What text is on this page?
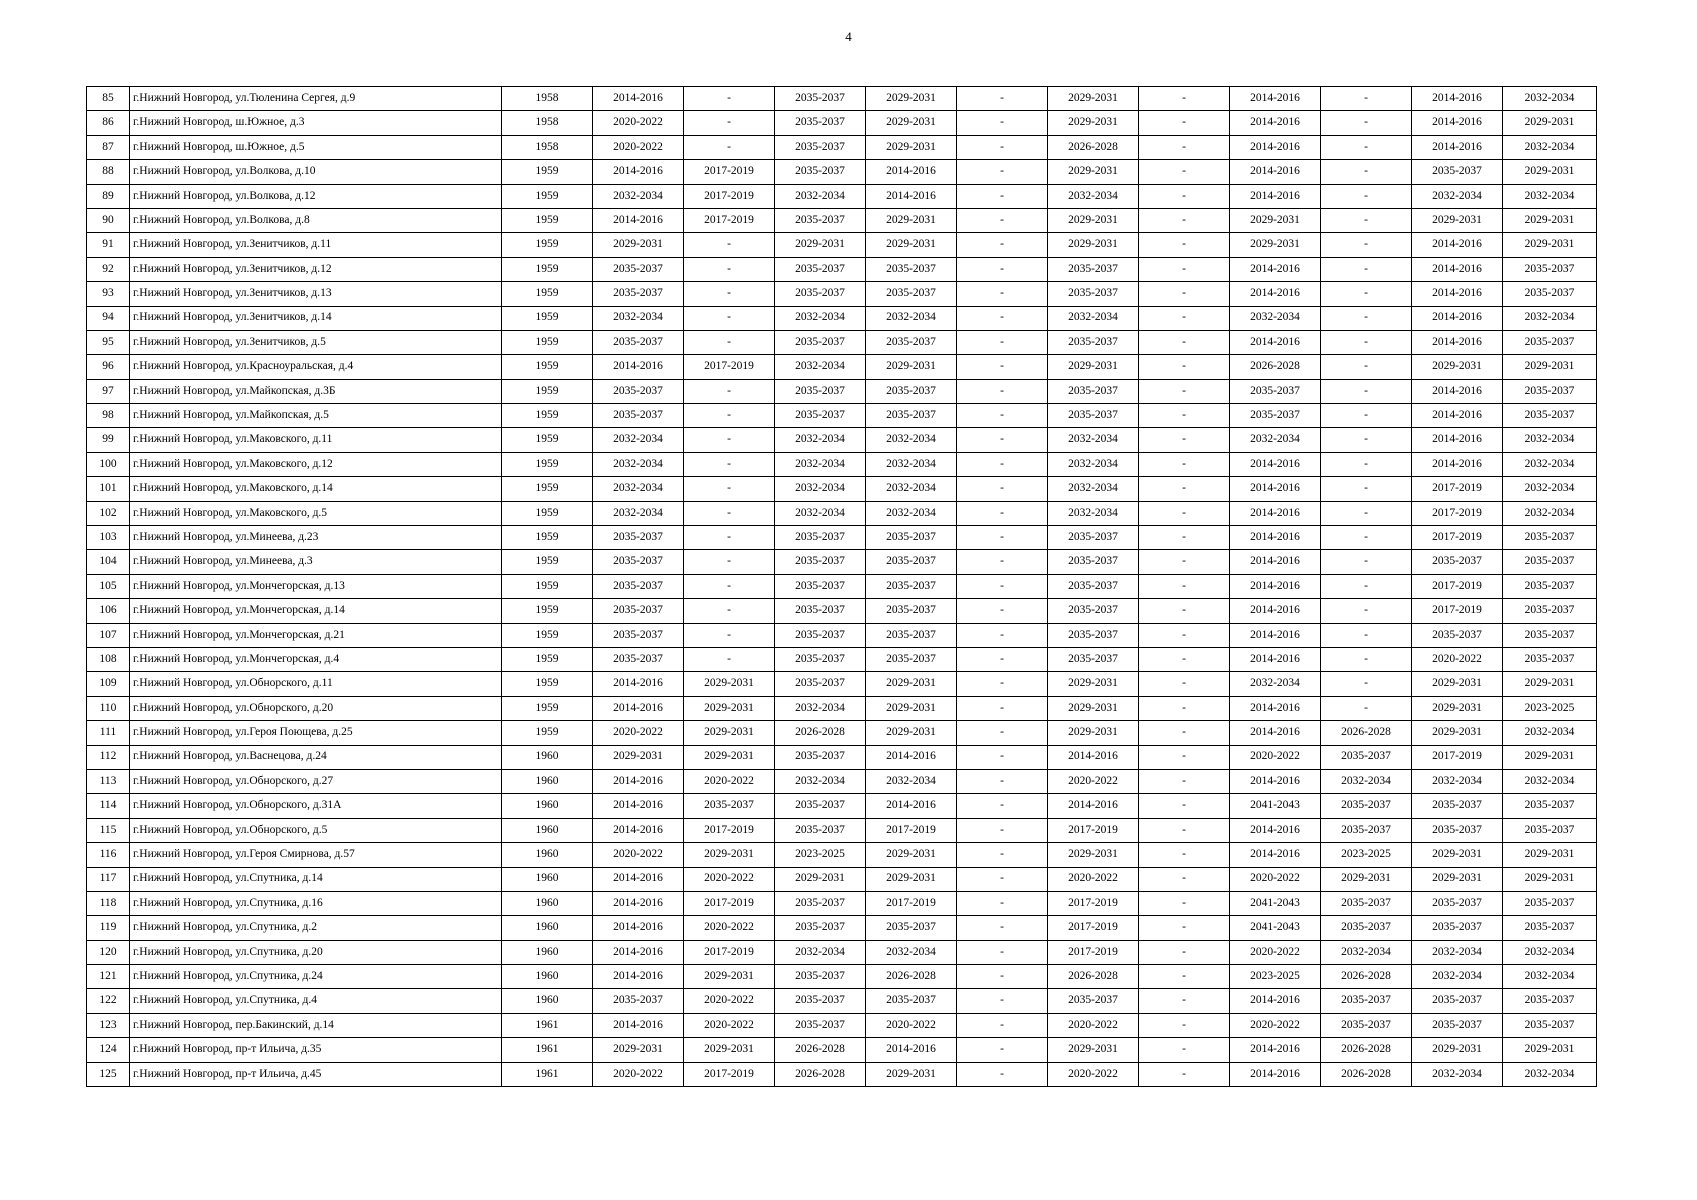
4
85	г.Нижний Новгород, ул.Тюленина Сергея, д.9	1958	2014-2016	-	2035-2037	2029-2031	-	2029-2031	-	2014-2016	-	2014-2016	2032-2034
86	г.Нижний Новгород, ш.Южное, д.3	1958	2020-2022	-	2035-2037	2029-2031	-	2029-2031	-	2014-2016	-	2014-2016	2029-2031
87	г.Нижний Новгород, ш.Южное, д.5	1958	2020-2022	-	2035-2037	2029-2031	-	2026-2028	-	2014-2016	-	2014-2016	2032-2034
88	г.Нижний Новгород, ул.Волкова, д.10	1959	2014-2016	2017-2019	2035-2037	2014-2016	-	2029-2031	-	2014-2016	-	2035-2037	2029-2031
89	г.Нижний Новгород, ул.Волкова, д.12	1959	2032-2034	2017-2019	2032-2034	2014-2016	-	2032-2034	-	2014-2016	-	2032-2034	2032-2034
90	г.Нижний Новгород, ул.Волкова, д.8	1959	2014-2016	2017-2019	2035-2037	2029-2031	-	2029-2031	-	2029-2031	-	2029-2031	2029-2031
91	г.Нижний Новгород, ул.Зенитчиков, д.11	1959	2029-2031	-	2029-2031	2029-2031	-	2029-2031	-	2029-2031	-	2014-2016	2029-2031
92	г.Нижний Новгород, ул.Зенитчиков, д.12	1959	2035-2037	-	2035-2037	2035-2037	-	2035-2037	-	2014-2016	-	2014-2016	2035-2037
93	г.Нижний Новгород, ул.Зенитчиков, д.13	1959	2035-2037	-	2035-2037	2035-2037	-	2035-2037	-	2014-2016	-	2014-2016	2035-2037
94	г.Нижний Новгород, ул.Зенитчиков, д.14	1959	2032-2034	-	2032-2034	2032-2034	-	2032-2034	-	2032-2034	-	2014-2016	2032-2034
95	г.Нижний Новгород, ул.Зенитчиков, д.5	1959	2035-2037	-	2035-2037	2035-2037	-	2035-2037	-	2014-2016	-	2014-2016	2035-2037
96	г.Нижний Новгород, ул.Красноуральская, д.4	1959	2014-2016	2017-2019	2032-2034	2029-2031	-	2029-2031	-	2026-2028	-	2029-2031	2029-2031
97	г.Нижний Новгород, ул.Майкопская, д.3Б	1959	2035-2037	-	2035-2037	2035-2037	-	2035-2037	-	2035-2037	-	2014-2016	2035-2037
98	г.Нижний Новгород, ул.Майкопская, д.5	1959	2035-2037	-	2035-2037	2035-2037	-	2035-2037	-	2035-2037	-	2014-2016	2035-2037
99	г.Нижний Новгород, ул.Маковского, д.11	1959	2032-2034	-	2032-2034	2032-2034	-	2032-2034	-	2032-2034	-	2014-2016	2032-2034
100	г.Нижний Новгород, ул.Маковского, д.12	1959	2032-2034	-	2032-2034	2032-2034	-	2032-2034	-	2014-2016	-	2014-2016	2032-2034
101	г.Нижний Новгород, ул.Маковского, д.14	1959	2032-2034	-	2032-2034	2032-2034	-	2032-2034	-	2014-2016	-	2017-2019	2032-2034
102	г.Нижний Новгород, ул.Маковского, д.5	1959	2032-2034	-	2032-2034	2032-2034	-	2032-2034	-	2014-2016	-	2017-2019	2032-2034
103	г.Нижний Новгород, ул.Минеева, д.23	1959	2035-2037	-	2035-2037	2035-2037	-	2035-2037	-	2014-2016	-	2017-2019	2035-2037
104	г.Нижний Новгород, ул.Минеева, д.3	1959	2035-2037	-	2035-2037	2035-2037	-	2035-2037	-	2014-2016	-	2035-2037	2035-2037
105	г.Нижний Новгород, ул.Мончегорская, д.13	1959	2035-2037	-	2035-2037	2035-2037	-	2035-2037	-	2014-2016	-	2017-2019	2035-2037
106	г.Нижний Новгород, ул.Мончегорская, д.14	1959	2035-2037	-	2035-2037	2035-2037	-	2035-2037	-	2014-2016	-	2017-2019	2035-2037
107	г.Нижний Новгород, ул.Мончегорская, д.21	1959	2035-2037	-	2035-2037	2035-2037	-	2035-2037	-	2014-2016	-	2035-2037	2035-2037
108	г.Нижний Новгород, ул.Мончегорская, д.4	1959	2035-2037	-	2035-2037	2035-2037	-	2035-2037	-	2014-2016	-	2020-2022	2035-2037
109	г.Нижний Новгород, ул.Обнорского, д.11	1959	2014-2016	2029-2031	2035-2037	2029-2031	-	2029-2031	-	2032-2034	-	2029-2031	2029-2031
110	г.Нижний Новгород, ул.Обнорского, д.20	1959	2014-2016	2029-2031	2032-2034	2029-2031	-	2029-2031	-	2014-2016	-	2029-2031	2023-2025
111	г.Нижний Новгород, ул.Героя Поющева, д.25	1959	2020-2022	2029-2031	2026-2028	2029-2031	-	2029-2031	-	2014-2016	2026-2028	2029-2031	2032-2034
112	г.Нижний Новгород, ул.Васнецова, д.24	1960	2029-2031	2029-2031	2035-2037	2014-2016	-	2014-2016	-	2020-2022	2035-2037	2017-2019	2029-2031
113	г.Нижний Новгород, ул.Обнорского, д.27	1960	2014-2016	2020-2022	2032-2034	2032-2034	-	2020-2022	-	2014-2016	2032-2034	2032-2034	2032-2034
114	г.Нижний Новгород, ул.Обнорского, д.31А	1960	2014-2016	2035-2037	2035-2037	2014-2016	-	2014-2016	-	2041-2043	2035-2037	2035-2037	2035-2037
115	г.Нижний Новгород, ул.Обнорского, д.5	1960	2014-2016	2017-2019	2035-2037	2017-2019	-	2017-2019	-	2014-2016	2035-2037	2035-2037	2035-2037
116	г.Нижний Новгород, ул.Героя Смирнова, д.57	1960	2020-2022	2029-2031	2023-2025	2029-2031	-	2029-2031	-	2014-2016	2023-2025	2029-2031	2029-2031
117	г.Нижний Новгород, ул.Спутника, д.14	1960	2014-2016	2020-2022	2029-2031	2029-2031	-	2020-2022	-	2020-2022	2029-2031	2029-2031	2029-2031
118	г.Нижний Новгород, ул.Спутника, д.16	1960	2014-2016	2017-2019	2035-2037	2017-2019	-	2017-2019	-	2041-2043	2035-2037	2035-2037	2035-2037
119	г.Нижний Новгород, ул.Спутника, д.2	1960	2014-2016	2020-2022	2035-2037	2035-2037	-	2017-2019	-	2041-2043	2035-2037	2035-2037	2035-2037
120	г.Нижний Новгород, ул.Спутника, д.20	1960	2014-2016	2017-2019	2032-2034	2032-2034	-	2017-2019	-	2020-2022	2032-2034	2032-2034	2032-2034
121	г.Нижний Новгород, ул.Спутника, д.24	1960	2014-2016	2029-2031	2035-2037	2026-2028	-	2026-2028	-	2023-2025	2026-2028	2032-2034	2032-2034
122	г.Нижний Новгород, ул.Спутника, д.4	1960	2035-2037	2020-2022	2035-2037	2035-2037	-	2035-2037	-	2014-2016	2035-2037	2035-2037	2035-2037
123	г.Нижний Новгород, пер.Бакинский, д.14	1961	2014-2016	2020-2022	2035-2037	2020-2022	-	2020-2022	-	2020-2022	2035-2037	2035-2037	2035-2037
124	г.Нижний Новгород, пр-т Ильича, д.35	1961	2029-2031	2029-2031	2026-2028	2014-2016	-	2029-2031	-	2014-2016	2026-2028	2029-2031	2029-2031
125	г.Нижний Новгород, пр-т Ильича, д.45	1961	2020-2022	2017-2019	2026-2028	2029-2031	-	2020-2022	-	2014-2016	2026-2028	2032-2034	2032-2034
